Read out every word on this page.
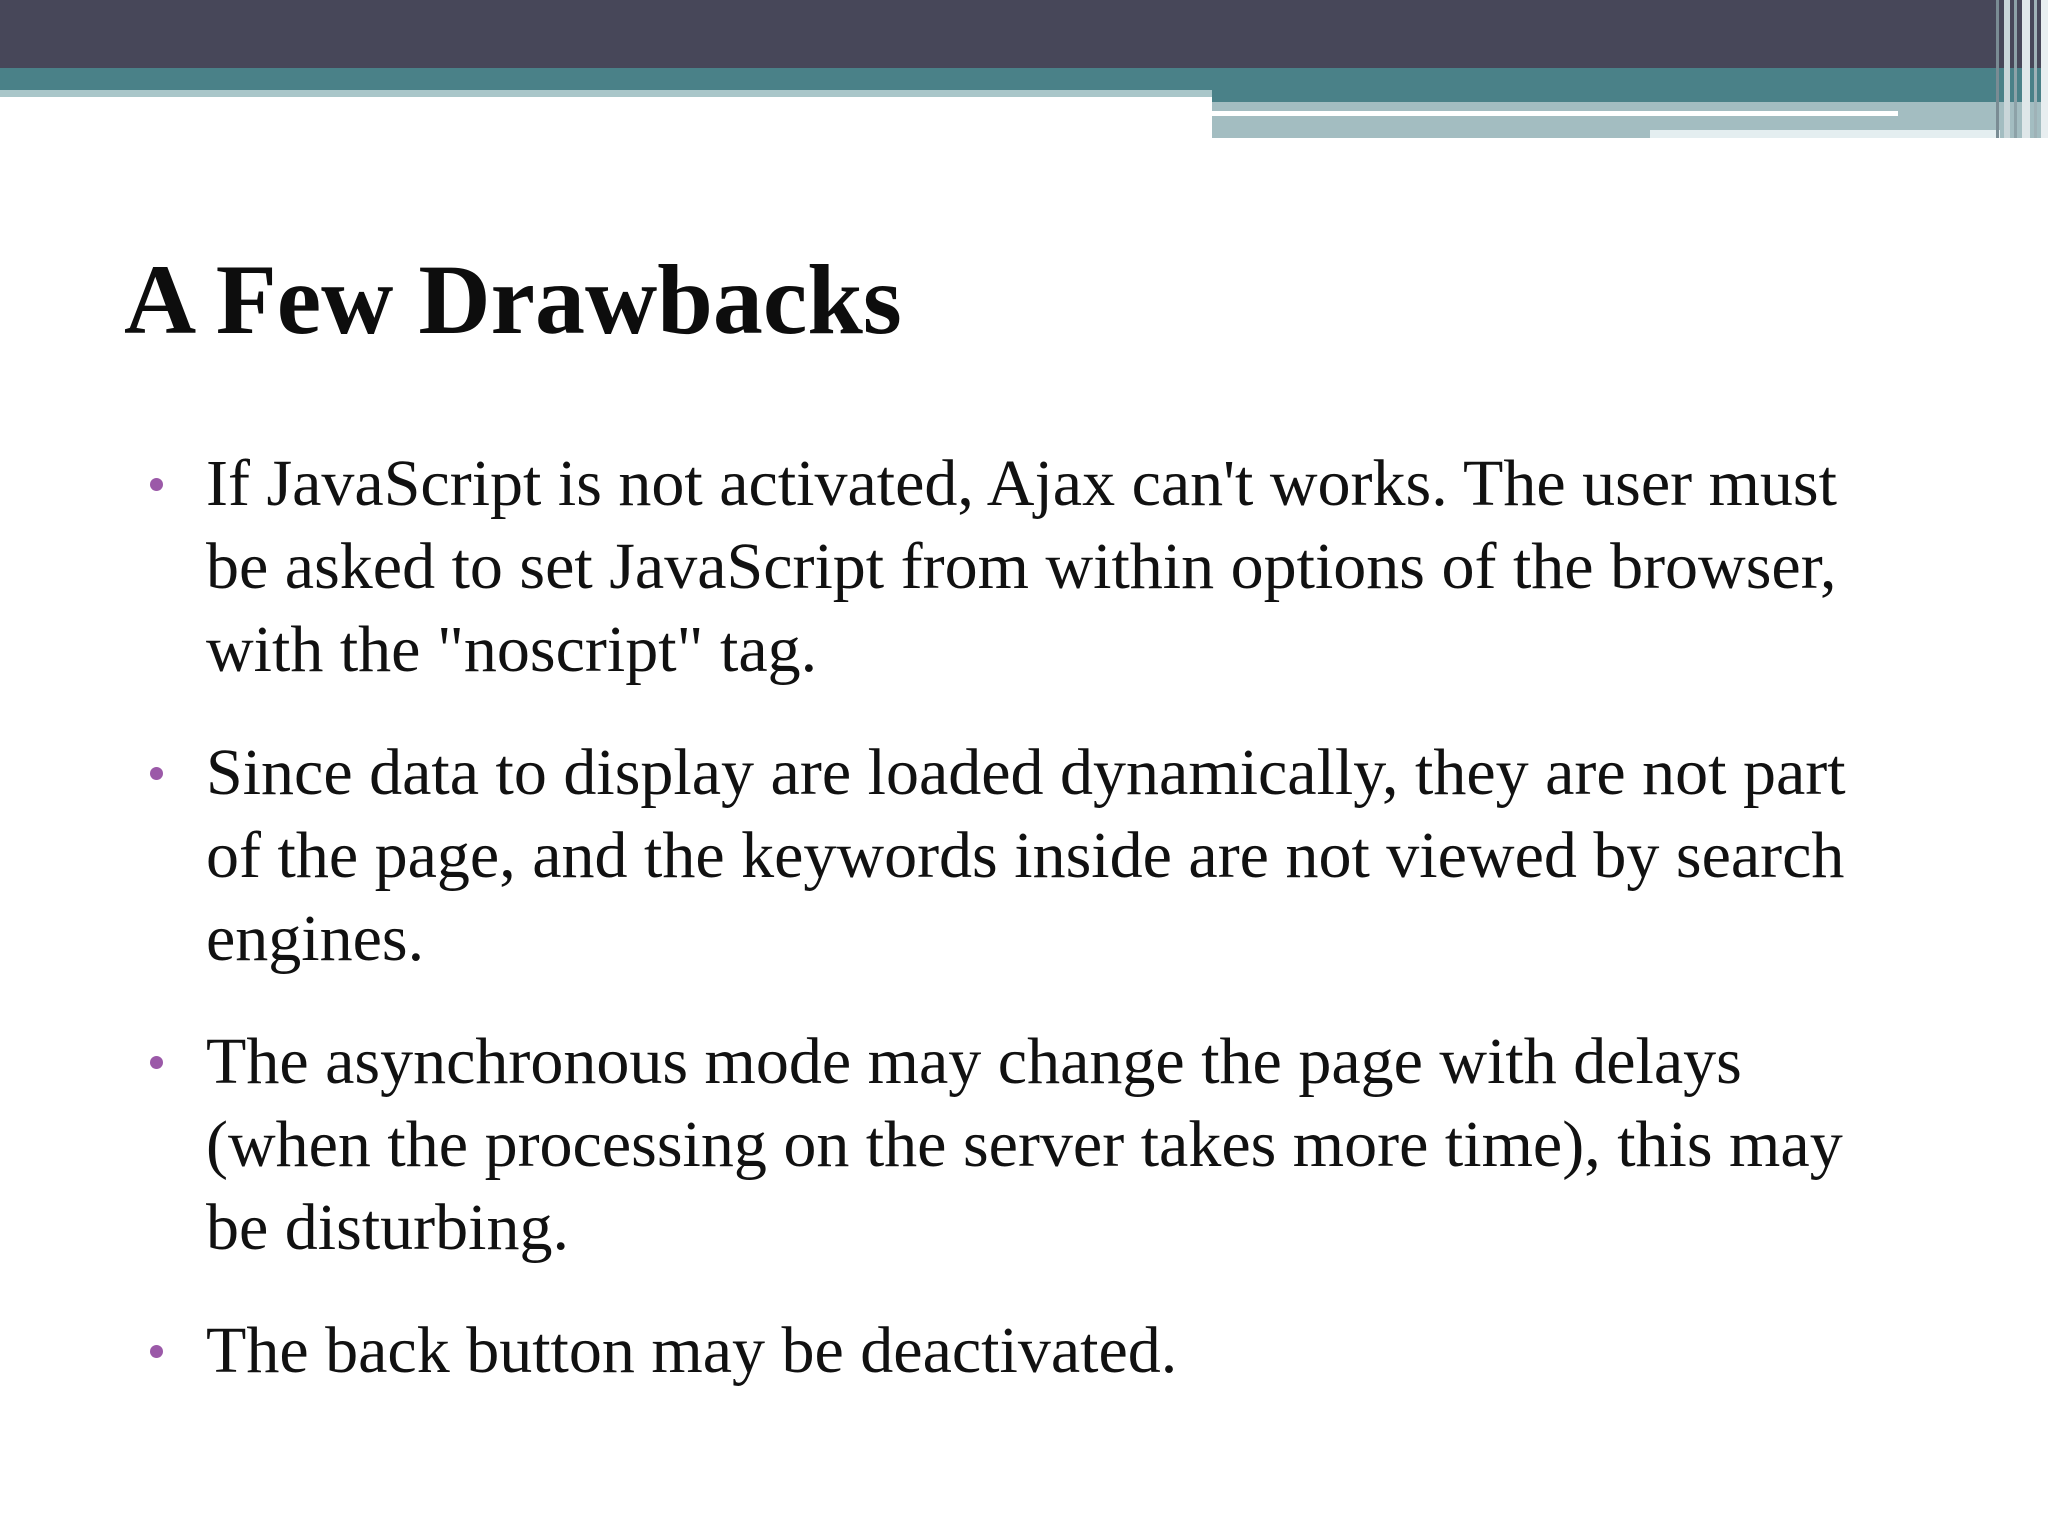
A Few Drawbacks
If JavaScript is not activated, Ajax can't works. The user must be asked to set JavaScript from within options of the browser, with the "noscript" tag.
Since data to display are loaded dynamically, they are not part of the page, and the keywords inside are not viewed by search engines.
The asynchronous mode may change the page with delays (when the processing on the server takes more time), this may be disturbing.
The back button may be deactivated.
